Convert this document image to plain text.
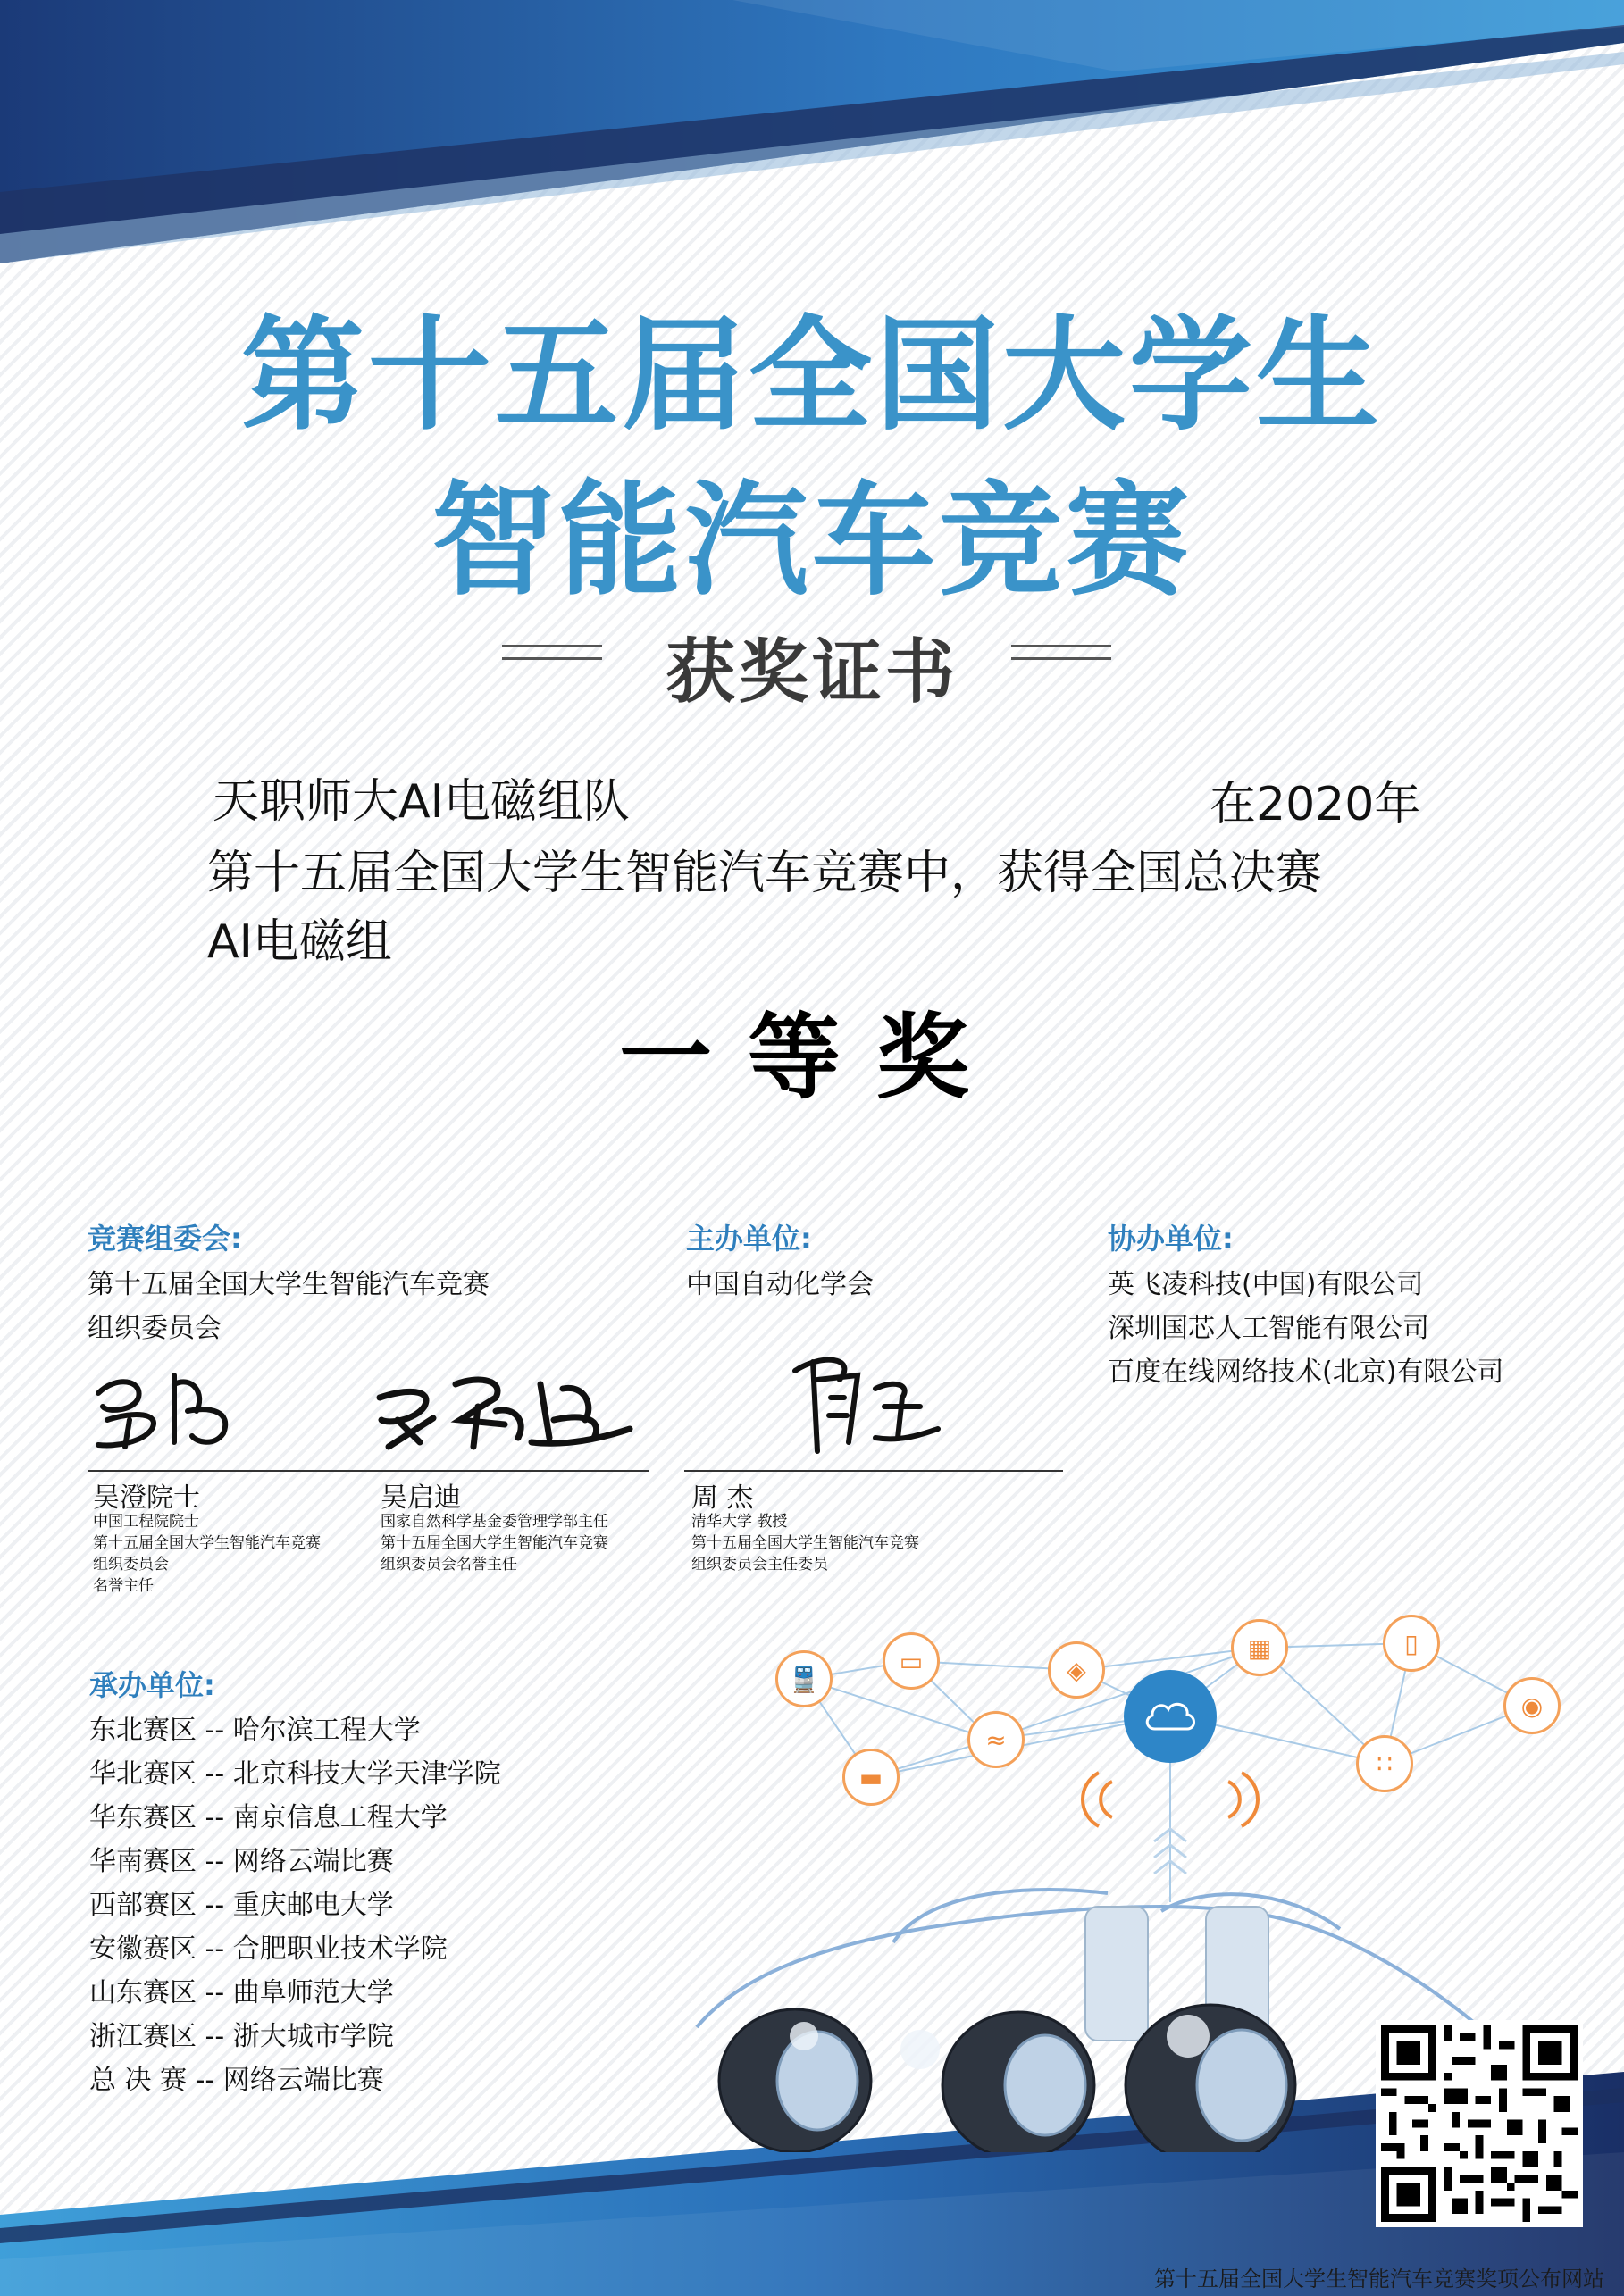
第十五届全国大学生
智能汽车竞赛
获奖证书
天职师大AI电磁组队	在2020年
第十五届全国大学生智能汽车竞赛中，获得全国总决赛
AI电磁组
一等奖
竞赛组委会:
第十五届全国大学生智能汽车竞赛
组织委员会
主办单位:
中国自动化学会
协办单位:
英飞凌科技(中国)有限公司
深圳国芯人工智能有限公司
百度在线网络技术(北京)有限公司
吴澄院士
中国工程院院士
第十五届全国大学生智能汽车竞赛
组织委员会
名誉主任
吴启迪
国家自然科学基金委管理学部主任
第十五届全国大学生智能汽车竞赛
组织委员会名誉主任
周 杰
清华大学 教授
第十五届全国大学生智能汽车竞赛
组织委员会主任委员
承办单位:
东北赛区 -- 哈尔滨工程大学
华北赛区 -- 北京科技大学天津学院
华东赛区 -- 南京信息工程大学
华南赛区 -- 网络云端比赛
西部赛区 -- 重庆邮电大学
安徽赛区 -- 合肥职业技术学院
山东赛区 -- 曲阜师范大学
浙江赛区 -- 浙大城市学院
总 决 赛 -- 网络云端比赛
🚆
▭	◈
▦	▯
◉
≈
▬	∷
第十五届全国大学生智能汽车竞赛奖项公布网站
